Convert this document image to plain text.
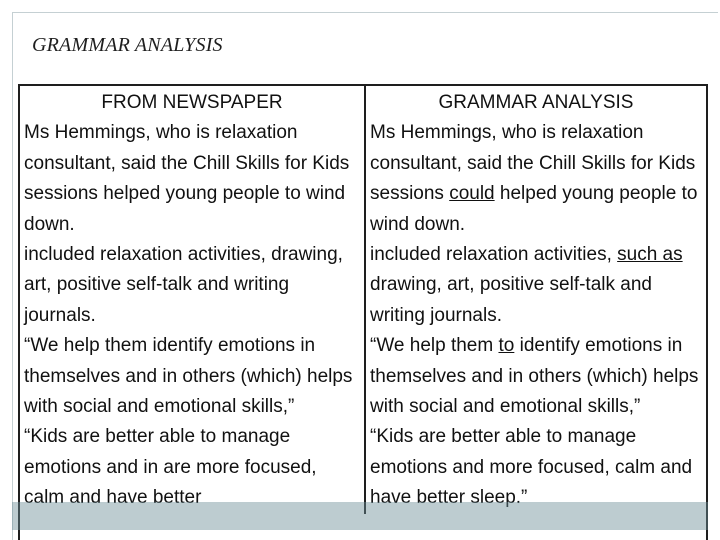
GRAMMAR ANALYSIS
FROM NEWSPAPER	GRAMMAR ANALYSIS
Ms Hemmings, who is relaxation consultant, said the Chill Skills for Kids sessions helped young people to wind down.	Ms Hemmings, who is relaxation consultant, said the Chill Skills for Kids sessions could helped young people to wind down.
included relaxation activities, drawing, art, positive self-talk and writing journals.	included relaxation activities, such as drawing, art, positive self-talk and writing journals.
“We help them identify emotions in themselves and in others (which) helps with social and emotional skills,”	“We help them to identify emotions in themselves and in others (which) helps with social and emotional skills,”
“Kids are better able to manage emotions and in are more focused, calm and have better	“Kids are better able to manage emotions and more focused, calm and have better sleep.”
